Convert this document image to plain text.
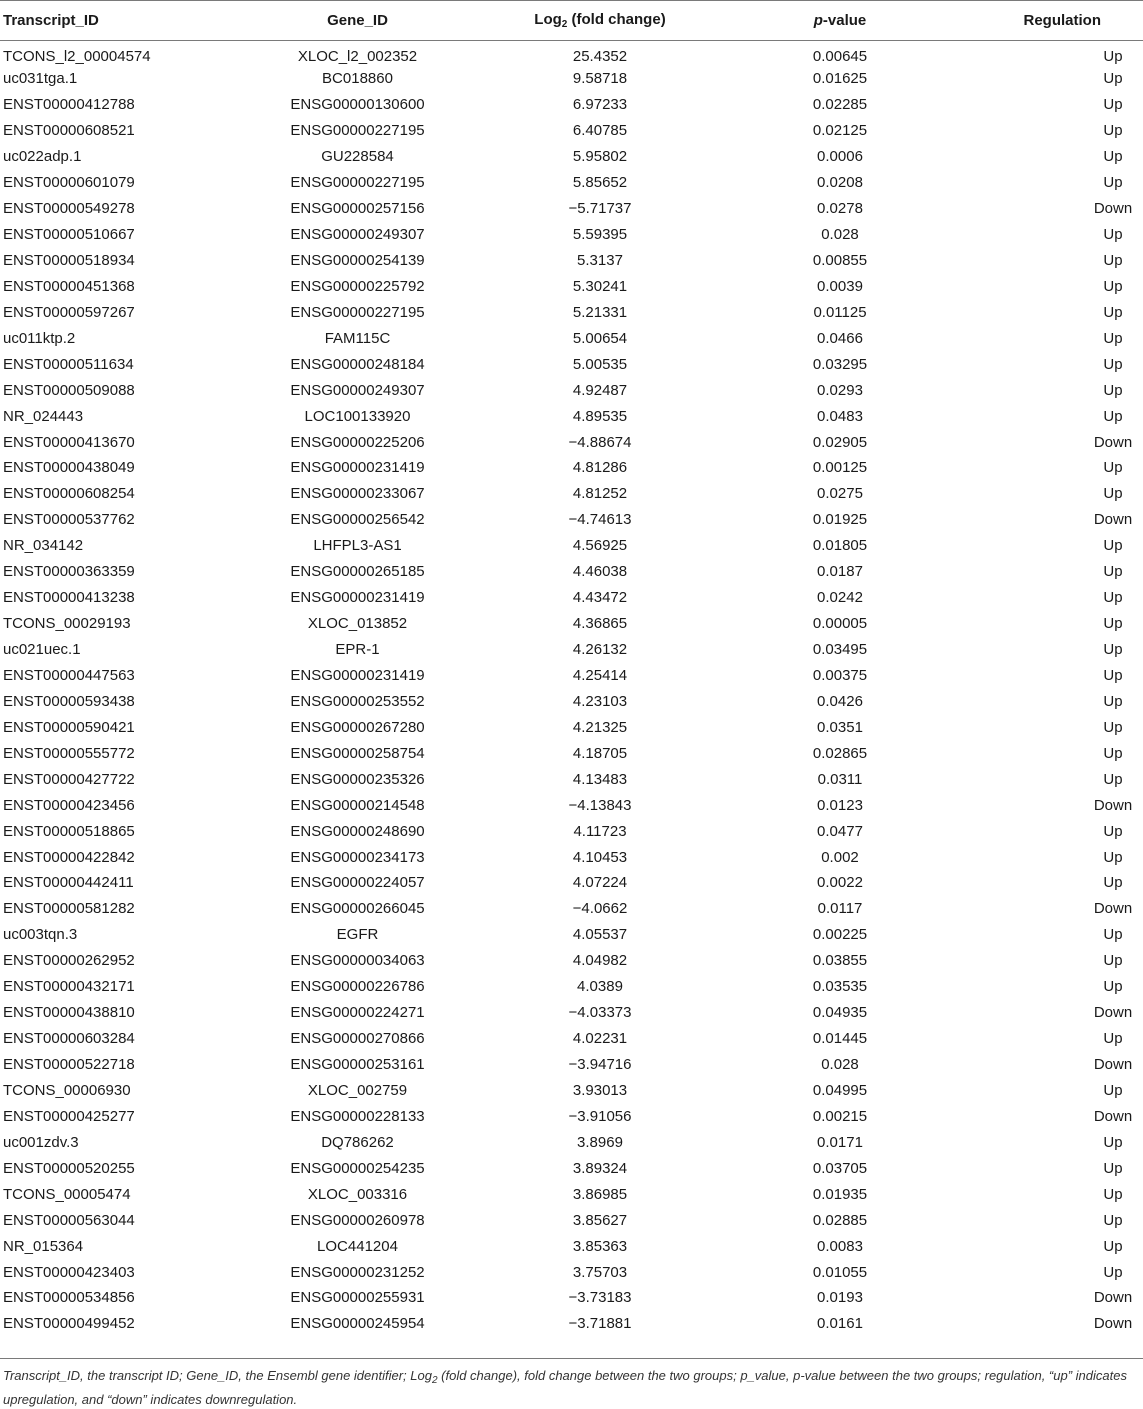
Transcript_ID	Gene_ID	Log$_2$ (fold change)	p-value	Regulation
TCONS_l2_00004574	XLOC_l2_002352	25.4352	0.00645	Up
uc031tga.1	BC018860	9.58718	0.01625	Up
ENST00000412788	ENSG00000130600	6.97233	0.02285	Up
ENST00000608521	ENSG00000227195	6.40785	0.02125	Up
uc022adp.1	GU228584	5.95802	0.0006	Up
ENST00000601079	ENSG00000227195	5.85652	0.0208	Up
ENST00000549278	ENSG00000257156	−5.71737	0.0278	Down
ENST00000510667	ENSG00000249307	5.59395	0.028	Up
ENST00000518934	ENSG00000254139	5.3137	0.00855	Up
ENST00000451368	ENSG00000225792	5.30241	0.0039	Up
ENST00000597267	ENSG00000227195	5.21331	0.01125	Up
uc011ktp.2	FAM115C	5.00654	0.0466	Up
ENST00000511634	ENSG00000248184	5.00535	0.03295	Up
ENST00000509088	ENSG00000249307	4.92487	0.0293	Up
NR_024443	LOC100133920	4.89535	0.0483	Up
ENST00000413670	ENSG00000225206	−4.88674	0.02905	Down
ENST00000438049	ENSG00000231419	4.81286	0.00125	Up
ENST00000608254	ENSG00000233067	4.81252	0.0275	Up
ENST00000537762	ENSG00000256542	−4.74613	0.01925	Down
NR_034142	LHFPL3-AS1	4.56925	0.01805	Up
ENST00000363359	ENSG00000265185	4.46038	0.0187	Up
ENST00000413238	ENSG00000231419	4.43472	0.0242	Up
TCONS_00029193	XLOC_013852	4.36865	0.00005	Up
uc021uec.1	EPR-1	4.26132	0.03495	Up
ENST00000447563	ENSG00000231419	4.25414	0.00375	Up
ENST00000593438	ENSG00000253552	4.23103	0.0426	Up
ENST00000590421	ENSG00000267280	4.21325	0.0351	Up
ENST00000555772	ENSG00000258754	4.18705	0.02865	Up
ENST00000427722	ENSG00000235326	4.13483	0.0311	Up
ENST00000423456	ENSG00000214548	−4.13843	0.0123	Down
ENST00000518865	ENSG00000248690	4.11723	0.0477	Up
ENST00000422842	ENSG00000234173	4.10453	0.002	Up
ENST00000442411	ENSG00000224057	4.07224	0.0022	Up
ENST00000581282	ENSG00000266045	−4.0662	0.0117	Down
uc003tqn.3	EGFR	4.05537	0.00225	Up
ENST00000262952	ENSG00000034063	4.04982	0.03855	Up
ENST00000432171	ENSG00000226786	4.0389	0.03535	Up
ENST00000438810	ENSG00000224271	−4.03373	0.04935	Down
ENST00000603284	ENSG00000270866	4.02231	0.01445	Up
ENST00000522718	ENSG00000253161	−3.94716	0.028	Down
TCONS_00006930	XLOC_002759	3.93013	0.04995	Up
ENST00000425277	ENSG00000228133	−3.91056	0.00215	Down
uc001zdv.3	DQ786262	3.8969	0.0171	Up
ENST00000520255	ENSG00000254235	3.89324	0.03705	Up
TCONS_00005474	XLOC_003316	3.86985	0.01935	Up
ENST00000563044	ENSG00000260978	3.85627	0.02885	Up
NR_015364	LOC441204	3.85363	0.0083	Up
ENST00000423403	ENSG00000231252	3.75703	0.01055	Up
ENST00000534856	ENSG00000255931	−3.73183	0.0193	Down
ENST00000499452	ENSG00000245954	−3.71881	0.0161	Down
Transcript_ID, the transcript ID; Gene_ID, the Ensembl gene identifier; Log$_2$ (fold change), fold change between the two groups; p_value, p-value between the two groups; regulation, “up” indicates upregulation, and “down” indicates downregulation.
